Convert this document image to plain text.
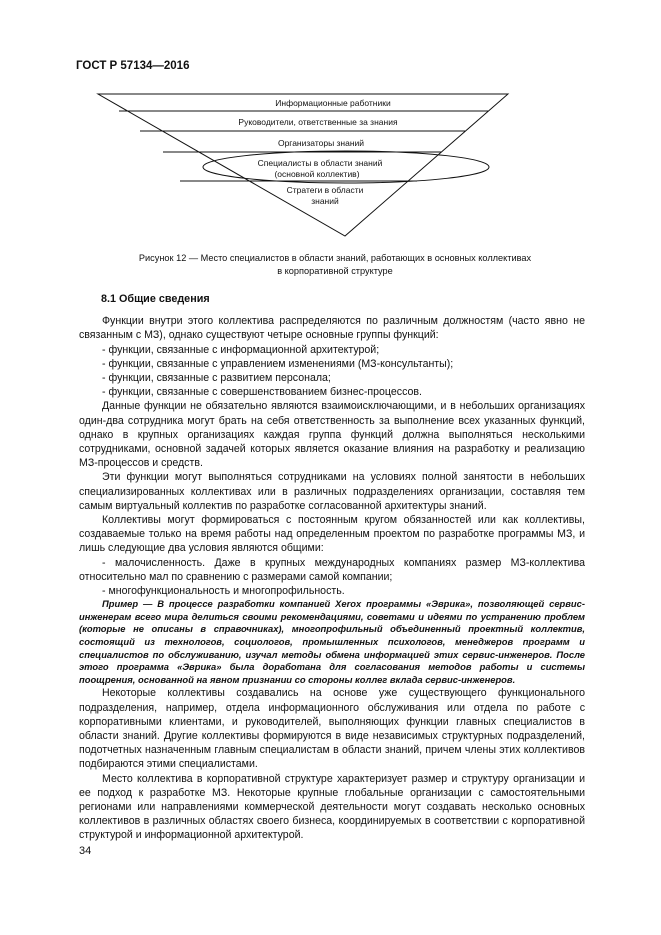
ГОСТ Р 57134—2016
Информационные работники
Руководители, ответственные за знания
Организаторы знаний
Специалисты в области знаний
(основной коллектив)
Стратеги в области
знаний
Рисунок 12 — Место специалистов в области знаний, работающих в основных коллективах
в корпоративной структуре
8.1 Общие сведения

Функции внутри этого коллектива распределяются по различным должностям (часто явно не связанным с МЗ), однако существуют четыре основные группы функций:

- функции, связанные с информационной архитектурой;

- функции, связанные с управлением изменениями (МЗ-консультанты);

- функции, связанные с развитием персонала;

- функции, связанные с совершенствованием бизнес-процессов.

Данные функции не обязательно являются взаимоисключающими, и в небольших организациях один-два сотрудника могут брать на себя ответственность за выполнение всех указанных функций, однако в крупных организациях каждая группа функций должна выполняться несколькими сотрудниками, основной задачей которых является оказание влияния на разработку и реализацию МЗ-процессов и средств.

Эти функции могут выполняться сотрудниками на условиях полной занятости в небольших специализированных коллективах или в различных подразделениях организации, составляя тем самым виртуальный коллектив по разработке согласованной архитектуры знаний.

Коллективы могут формироваться с постоянным кругом обязанностей или как коллективы, создаваемые только на время работы над определенным проектом по разработке программы МЗ, и лишь следующие два условия являются общими:

- малочисленность. Даже в крупных международных компаниях размер МЗ-коллектива относительно мал по сравнению с размерами самой компании;

- многофункциональность и многопрофильность.

Пример — В процессе разработки компанией Xerox программы «Эврика», позволяющей сервис-инженерам всего мира делиться своими рекомендациями, советами и идеями по устранению проблем (которые не описаны в справочниках), многопрофильный объединенный проектный коллектив, состоящий из технологов, социологов, промышленных психологов, менеджеров программ и специалистов по обслуживанию, изучал методы обмена информацией этих сервис-инженеров. После этого программа «Эврика» была доработана для согласования методов работы и системы поощрения, основанной на явном признании со стороны коллег вклада сервис-инженеров.

Некоторые коллективы создавались на основе уже существующего функционального подразделения, например, отдела информационного обслуживания или отдела по работе с корпоративными клиентами, и руководителей, выполняющих функции главных специалистов в области знаний. Другие коллективы формируются в виде независимых структурных подразделений, подотчетных назначенным главным специалистам в области знаний, причем члены этих коллективов подбираются этими специалистами.

Место коллектива в корпоративной структуре характеризует размер и структуру организации и ее подход к разработке МЗ. Некоторые крупные глобальные организации с самостоятельными регионами или направлениями коммерческой деятельности могут создавать несколько основных коллективов в различных областях своего бизнеса, координируемых в соответствии с корпоративной структурой и информационной архитектурой.

34
